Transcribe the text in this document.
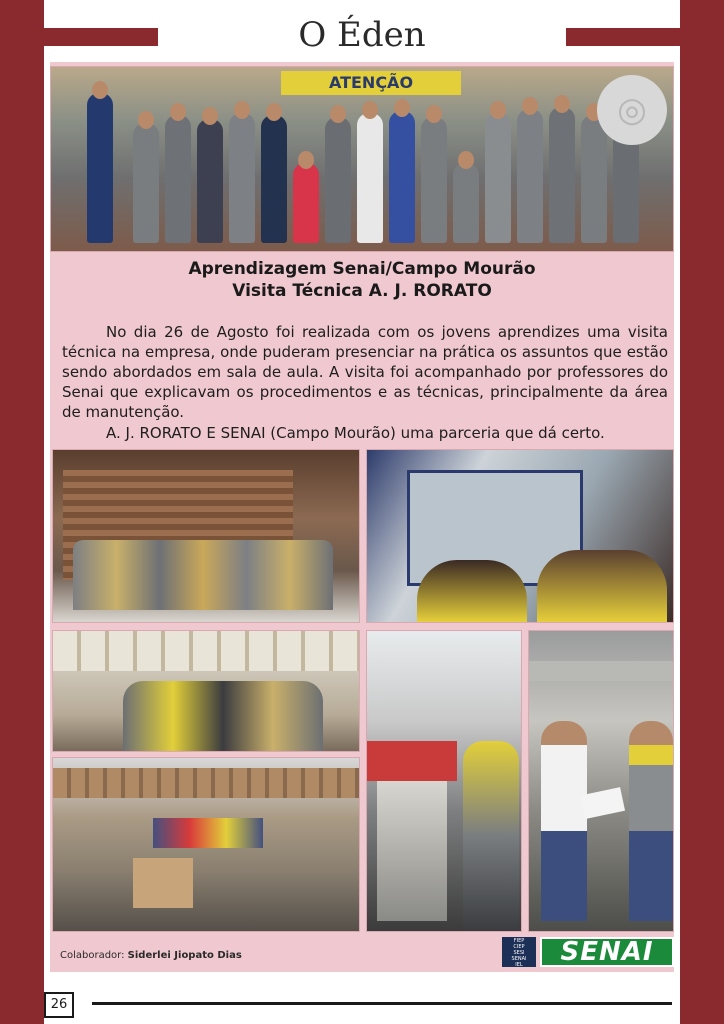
O Éden
ATENÇÃO
◎
Aprendizagem Senai/Campo Mourão
Visita Técnica A. J. RORATO

No dia 26 de Agosto foi realizada com os jovens aprendizes uma visita técnica na empresa, onde puderam presenciar na prática os assuntos que estão sendo abordados em sala de aula. A visita foi acompanhado por professores do Senai que explicavam os procedimentos e as técnicas, principalmente da área de manutenção.

A. J. RORATO E SENAI (Campo Mourão) uma parceria que dá certo.
Colaborador: Siderlei Jiopato Dias
FIEP
CIEP
SESI
SENAI
IEL	SENAI
26
